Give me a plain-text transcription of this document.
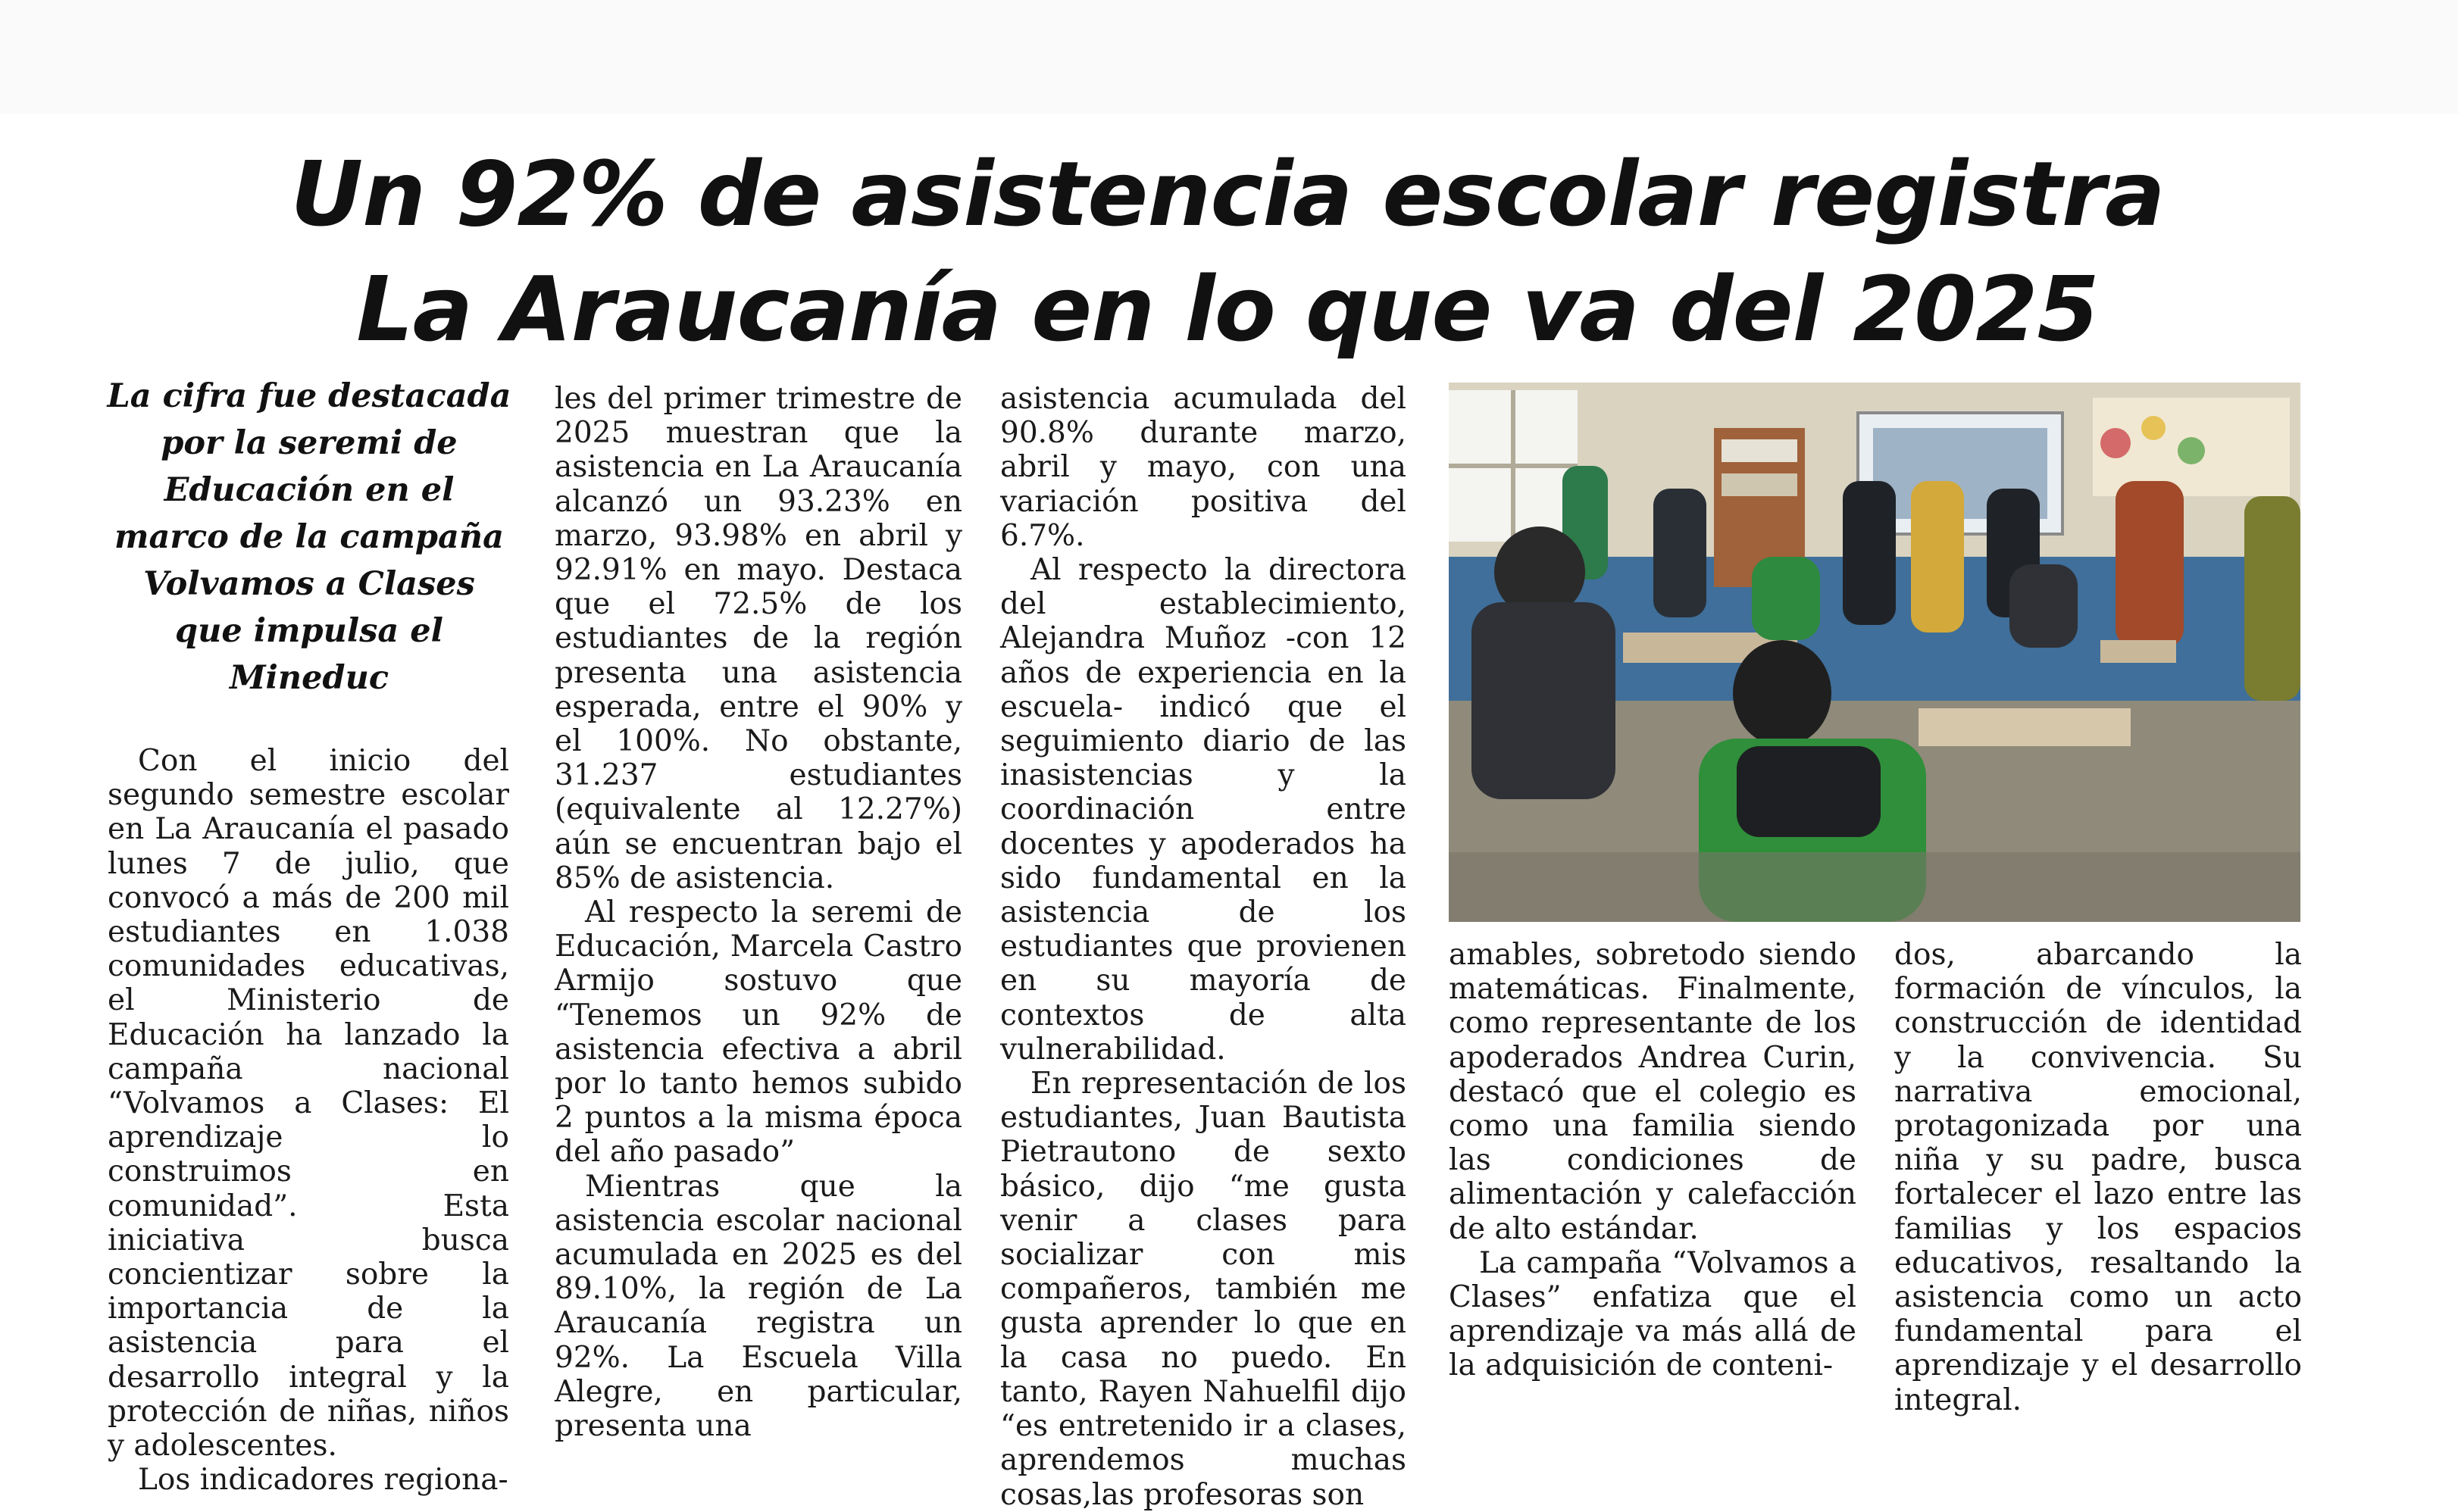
Un 92% de asistencia escolar registra
La Araucanía en lo que va del 2025

La cifra fue destacada por la seremi de Educación en el marco de la campaña Volvamos a Clases que impulsa el Mineduc

Con el inicio del segundo semestre escolar en La Araucanía el pasado lunes 7 de julio, que convocó a más de 200 mil estudiantes en 1.038 comunidades educativas, el Ministerio de Educación ha lanzado la campaña nacional “Volvamos a Clases: El aprendizaje lo construimos en comunidad”. Esta iniciativa busca concientizar sobre la importancia de la asistencia para el desarrollo integral y la protección de niñas, niños y adolescentes.

Los indicadores regiona-

les del primer trimestre de 2025 muestran que la asistencia en La Araucanía alcanzó un 93.23% en marzo, 93.98% en abril y 92.91% en mayo. Destaca que el 72.5% de los estudiantes de la región presenta una asistencia esperada, entre el 90% y el 100%. No obstante, 31.237 estudiantes (equivalente al 12.27%) aún se encuentran bajo el 85% de asistencia.

Al respecto la seremi de Educación, Marcela Castro Armijo sostuvo que “Tenemos un 92% de asistencia efectiva a abril por lo tanto hemos subido 2 puntos a la misma época del año pasado”

Mientras que la asistencia escolar nacional acumulada en 2025 es del 89.10%, la región de La Araucanía registra un 92%. La Escuela Villa Alegre, en particular, presenta una

asistencia acumulada del 90.8% durante marzo, abril y mayo, con una variación positiva del 6.7%.

Al respecto la directora del establecimiento, Alejandra Muñoz -con 12 años de experiencia en la escuela- indicó que el seguimiento diario de las inasistencias y la coordinación entre docentes y apoderados ha sido fundamental en la asistencia de los estudiantes que provienen en su mayoría de contextos de alta vulnerabilidad.

En representación de los estudiantes, Juan Bautista Pietrautono de sexto básico, dijo “me gusta venir a clases para socializar con mis compañeros, también me gusta aprender lo que en la casa no puedo. En tanto, Rayen Nahuelfil dijo “es entretenido ir a clases, aprendemos muchas cosas,las profesoras son

amables, sobretodo siendo matemáticas. Finalmente, como representante de los apoderados Andrea Curin, destacó que el colegio es como una familia siendo las condiciones de alimentación y calefacción de alto estándar.

La campaña “Volvamos a Clases” enfatiza que el aprendizaje va más allá de la adquisición de conteni-

dos, abarcando la formación de vínculos, la construcción de identidad y la convivencia. Su narrativa emocional, protagonizada por una niña y su padre, busca fortalecer el lazo entre las familias y los espacios educativos, resaltando la asistencia como un acto fundamental para el aprendizaje y el desarrollo integral.
